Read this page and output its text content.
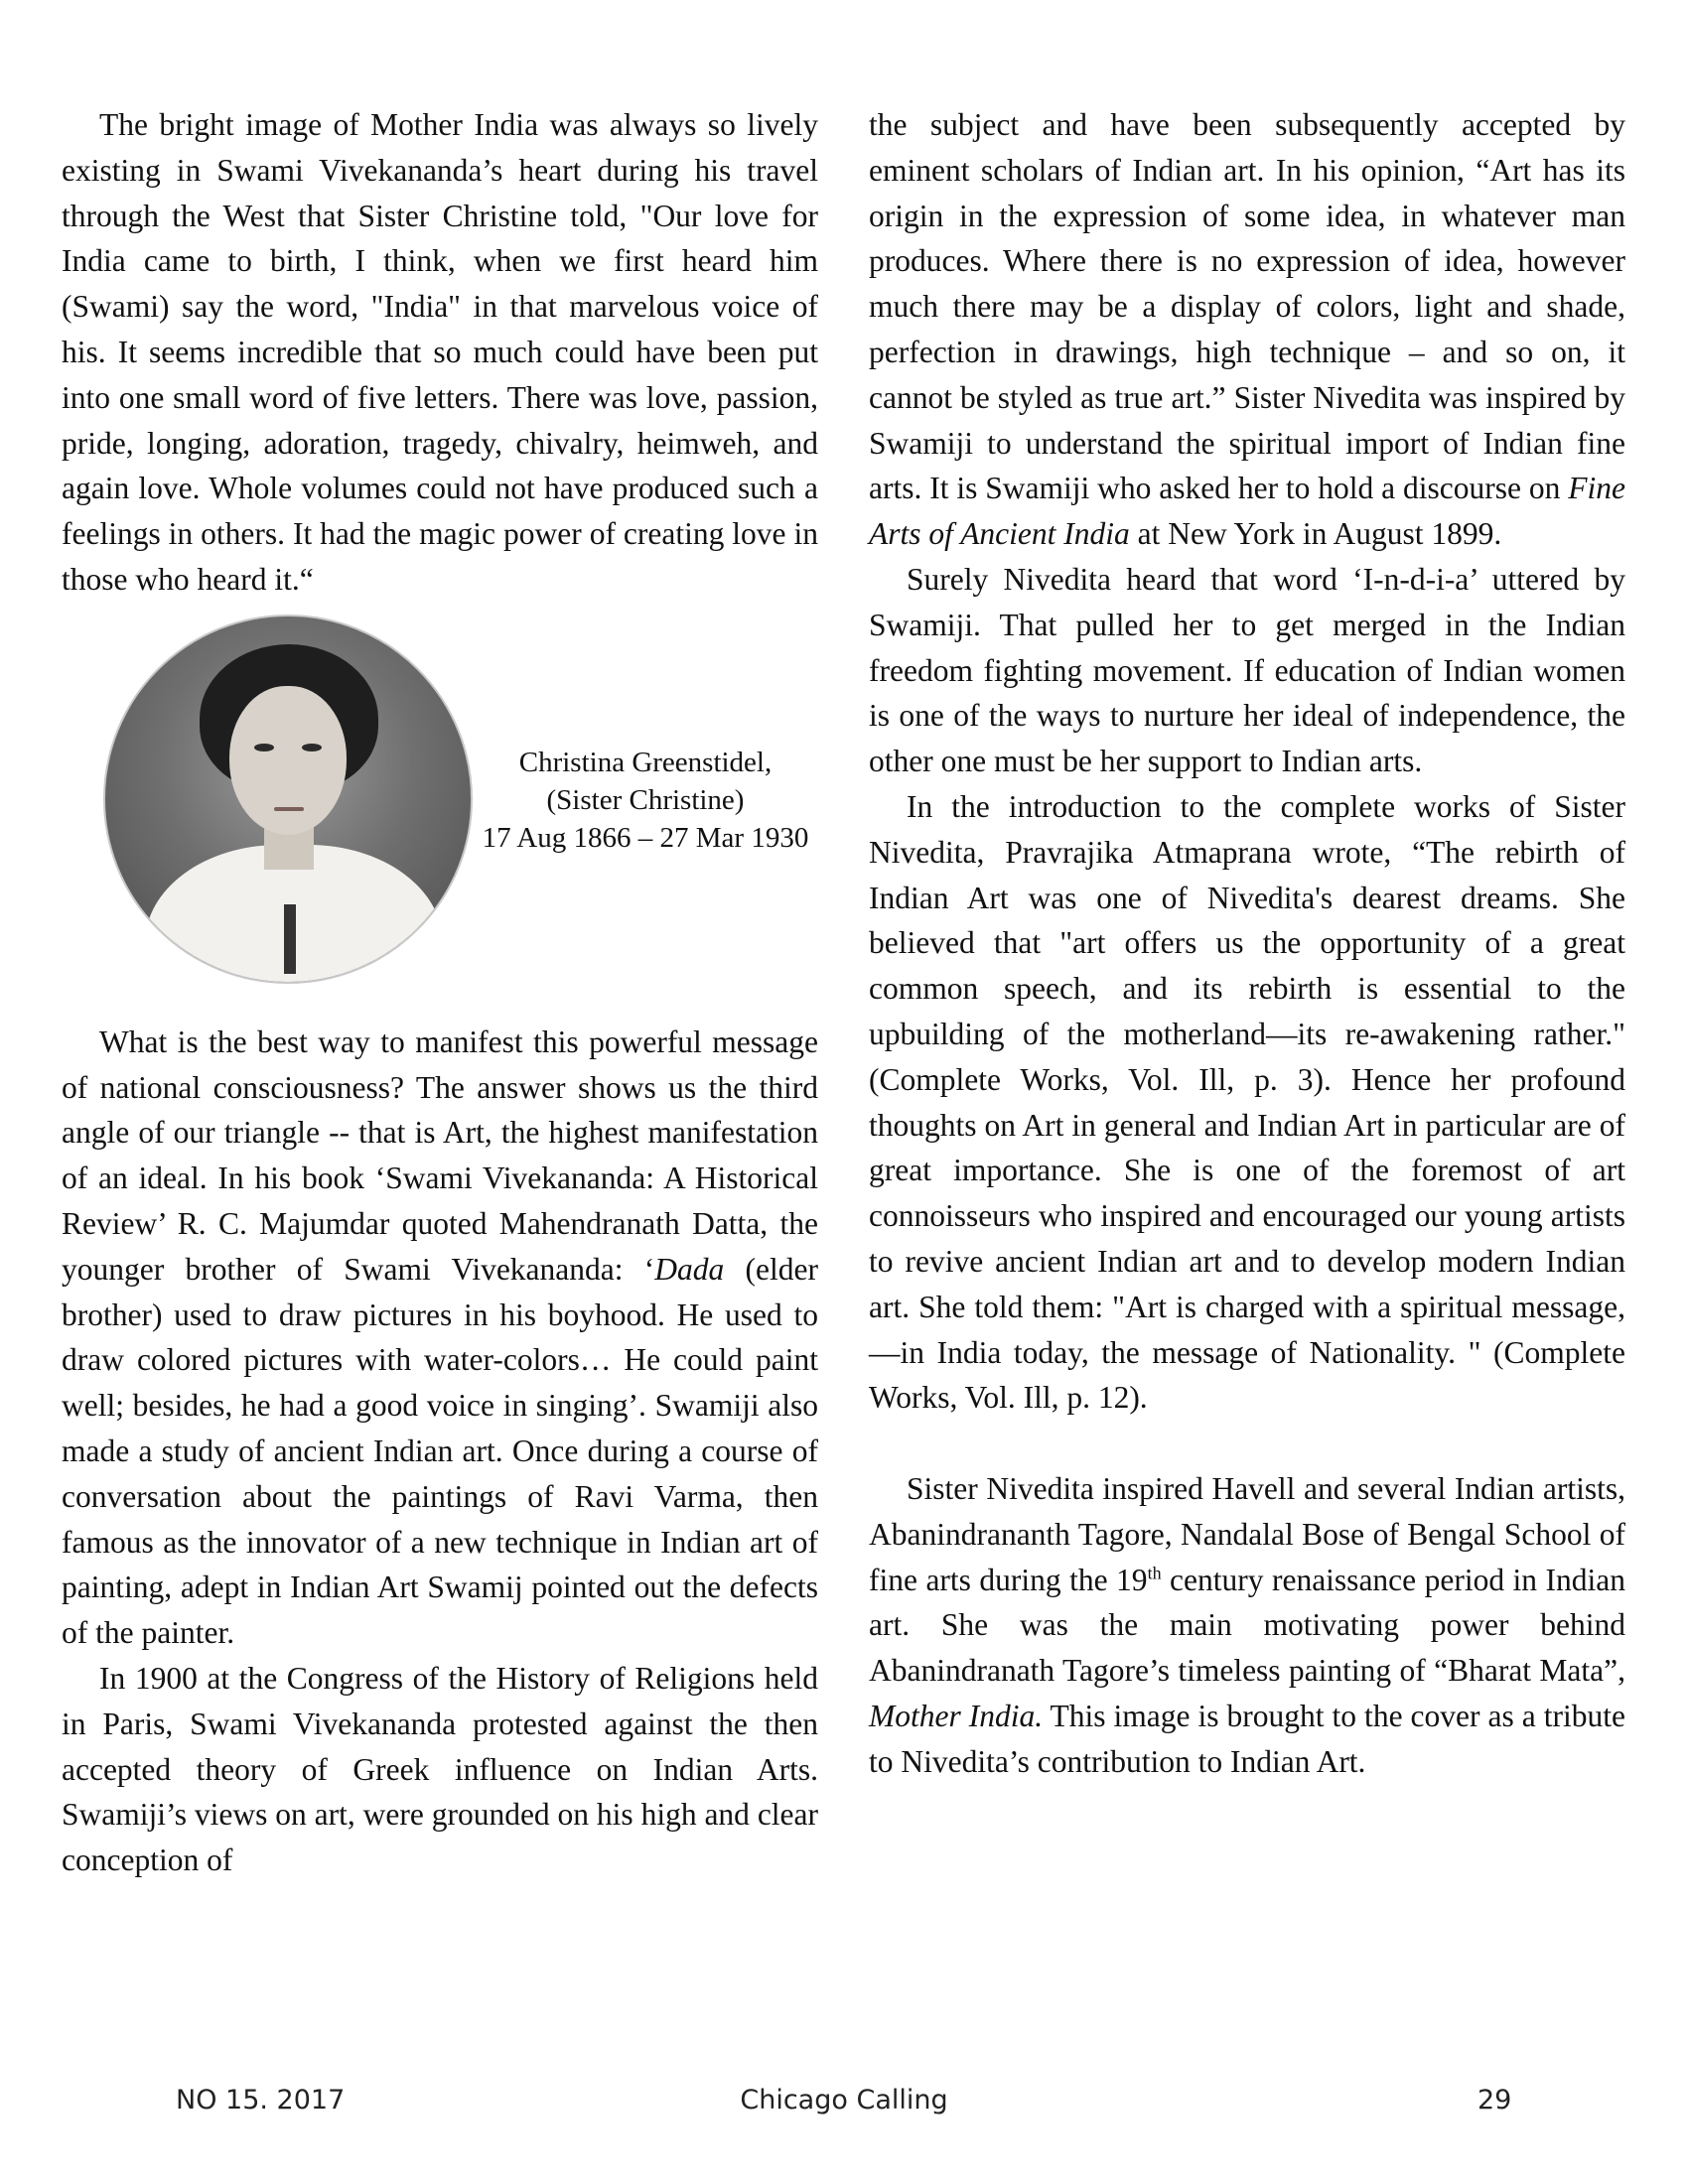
The bright image of Mother India was always so lively existing in Swami Vivekananda’s heart during his travel through the West that Sister Christine told, "Our love for India came to birth, I think, when we first heard him (Swami) say the word, "India" in that marvelous voice of his. It seems incredible that so much could have been put into one small word of five letters. There was love, passion, pride, longing, adoration, tragedy, chivalry, heimweh, and again love. Whole volumes could not have produced such a feelings in others. It had the magic power of creating love in those who heard it.“

Christina Greenstidel,
(Sister Christine)
17 Aug 1866 – 27 Mar 1930

What is the best way to manifest this powerful message of national consciousness? The answer shows us the third angle of our triangle -- that is Art, the highest manifestation of an ideal. In his book ‘Swami Vivekananda: A Historical Review’ R. C. Majumdar quoted Mahendranath Datta, the younger brother of Swami Vivekananda: ‘Dada (elder brother) used to draw pictures in his boyhood. He used to draw colored pictures with water-colors… He could paint well; besides, he had a good voice in singing’. Swamiji also made a study of ancient Indian art. Once during a course of conversation about the paintings of Ravi Varma, then famous as the innovator of a new technique in Indian art of painting, adept in Indian Art Swamij pointed out the defects of the painter.

In 1900 at the Congress of the History of Religions held in Paris, Swami Vivekananda protested against the then accepted theory of Greek influence on Indian Arts. Swamiji’s views on art, were grounded on his high and clear conception of

the subject and have been subsequently accepted by eminent scholars of Indian art. In his opinion, “Art has its origin in the expression of some idea, in whatever man produces. Where there is no expression of idea, however much there may be a display of colors, light and shade, perfection in drawings, high technique – and so on, it cannot be styled as true art.” Sister Nivedita was inspired by Swamiji to understand the spiritual import of Indian fine arts. It is Swamiji who asked her to hold a discourse on Fine Arts of Ancient India at New York in August 1899.

Surely Nivedita heard that word ‘I-n-d-i-a’ uttered by Swamiji. That pulled her to get merged in the Indian freedom fighting movement. If education of Indian women is one of the ways to nurture her ideal of independence, the other one must be her support to Indian arts.

In the introduction to the complete works of Sister Nivedita, Pravrajika Atmaprana wrote, “The rebirth of Indian Art was one of Nivedita's dearest dreams. She believed that "art offers us the opportunity of a great common speech, and its rebirth is essential to the upbuilding of the motherland—its re-awakening rather." (Complete Works, Vol. Ill, p. 3). Hence her profound thoughts on Art in general and Indian Art in particular are of great importance. She is one of the foremost of art connoisseurs who inspired and encouraged our young artists to revive ancient Indian art and to develop modern Indian art. She told them: "Art is charged with a spiritual message,—in India today, the message of Nationality. " (Complete Works, Vol. Ill, p. 12).

Sister Nivedita inspired Havell and several Indian artists, Abanindrananth Tagore, Nandalal Bose of Bengal School of fine arts during the 19th century renaissance period in Indian art. She was the main motivating power behind Abanindranath Tagore’s timeless painting of “Bharat Mata”, Mother India. This image is brought to the cover as a tribute to Nivedita’s contribution to Indian Art.

NO 15. 2017	Chicago Calling	29
